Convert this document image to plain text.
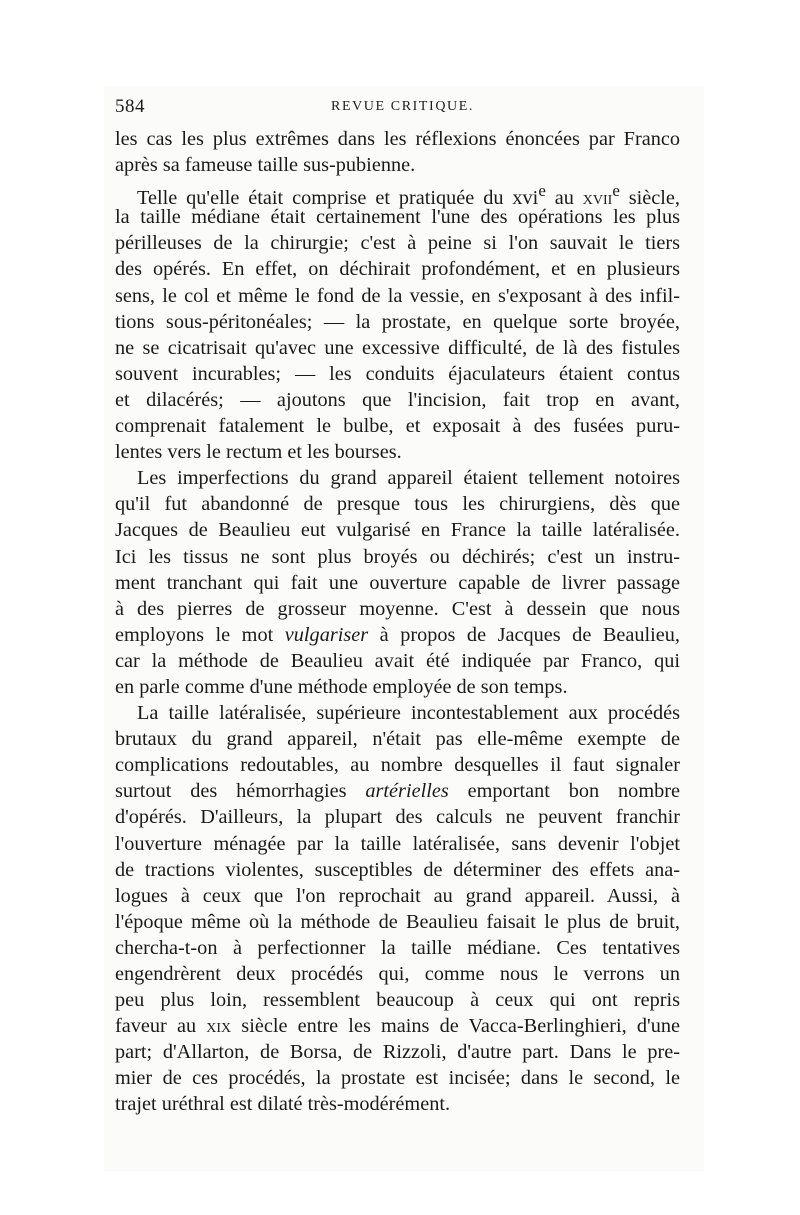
584	REVUE CRITIQUE.
les cas les plus extrêmes dans les réflexions énoncées par Franco
après sa fameuse taille sus-pubienne.
Telle qu'elle était comprise et pratiquée du xvi$^e$ au xvii$^e$ siècle,
la taille médiane était certainement l'une des opérations les plus
périlleuses de la chirurgie; c'est à peine si l'on sauvait le tiers
des opérés. En effet, on déchirait profondément, et en plusieurs
sens, le col et même le fond de la vessie, en s'exposant à des infil-
tions sous-péritonéales; — la prostate, en quelque sorte broyée,
ne se cicatrisait qu'avec une excessive difficulté, de là des fistules
souvent incurables; — les conduits éjaculateurs étaient contus
et dilacérés; — ajoutons que l'incision, fait trop en avant,
comprenait fatalement le bulbe, et exposait à des fusées puru-
lentes vers le rectum et les bourses.
Les imperfections du grand appareil étaient tellement notoires
qu'il fut abandonné de presque tous les chirurgiens, dès que
Jacques de Beaulieu eut vulgarisé en France la taille latéralisée.
Ici les tissus ne sont plus broyés ou déchirés; c'est un instru-
ment tranchant qui fait une ouverture capable de livrer passage
à des pierres de grosseur moyenne. C'est à dessein que nous
employons le mot vulgariser à propos de Jacques de Beaulieu,
car la méthode de Beaulieu avait été indiquée par Franco, qui
en parle comme d'une méthode employée de son temps.
La taille latéralisée, supérieure incontestablement aux procédés
brutaux du grand appareil, n'était pas elle-même exempte de
complications redoutables, au nombre desquelles il faut signaler
surtout des hémorrhagies artérielles emportant bon nombre
d'opérés. D'ailleurs, la plupart des calculs ne peuvent franchir
l'ouverture ménagée par la taille latéralisée, sans devenir l'objet
de tractions violentes, susceptibles de déterminer des effets ana-
logues à ceux que l'on reprochait au grand appareil. Aussi, à
l'époque même où la méthode de Beaulieu faisait le plus de bruit,
chercha-t-on à perfectionner la taille médiane. Ces tentatives
engendrèrent deux procédés qui, comme nous le verrons un
peu plus loin, ressemblent beaucoup à ceux qui ont repris
faveur au xix siècle entre les mains de Vacca-Berlinghieri, d'une
part; d'Allarton, de Borsa, de Rizzoli, d'autre part. Dans le pre-
mier de ces procédés, la prostate est incisée; dans le second, le
trajet uréthral est dilaté très-modérément.
